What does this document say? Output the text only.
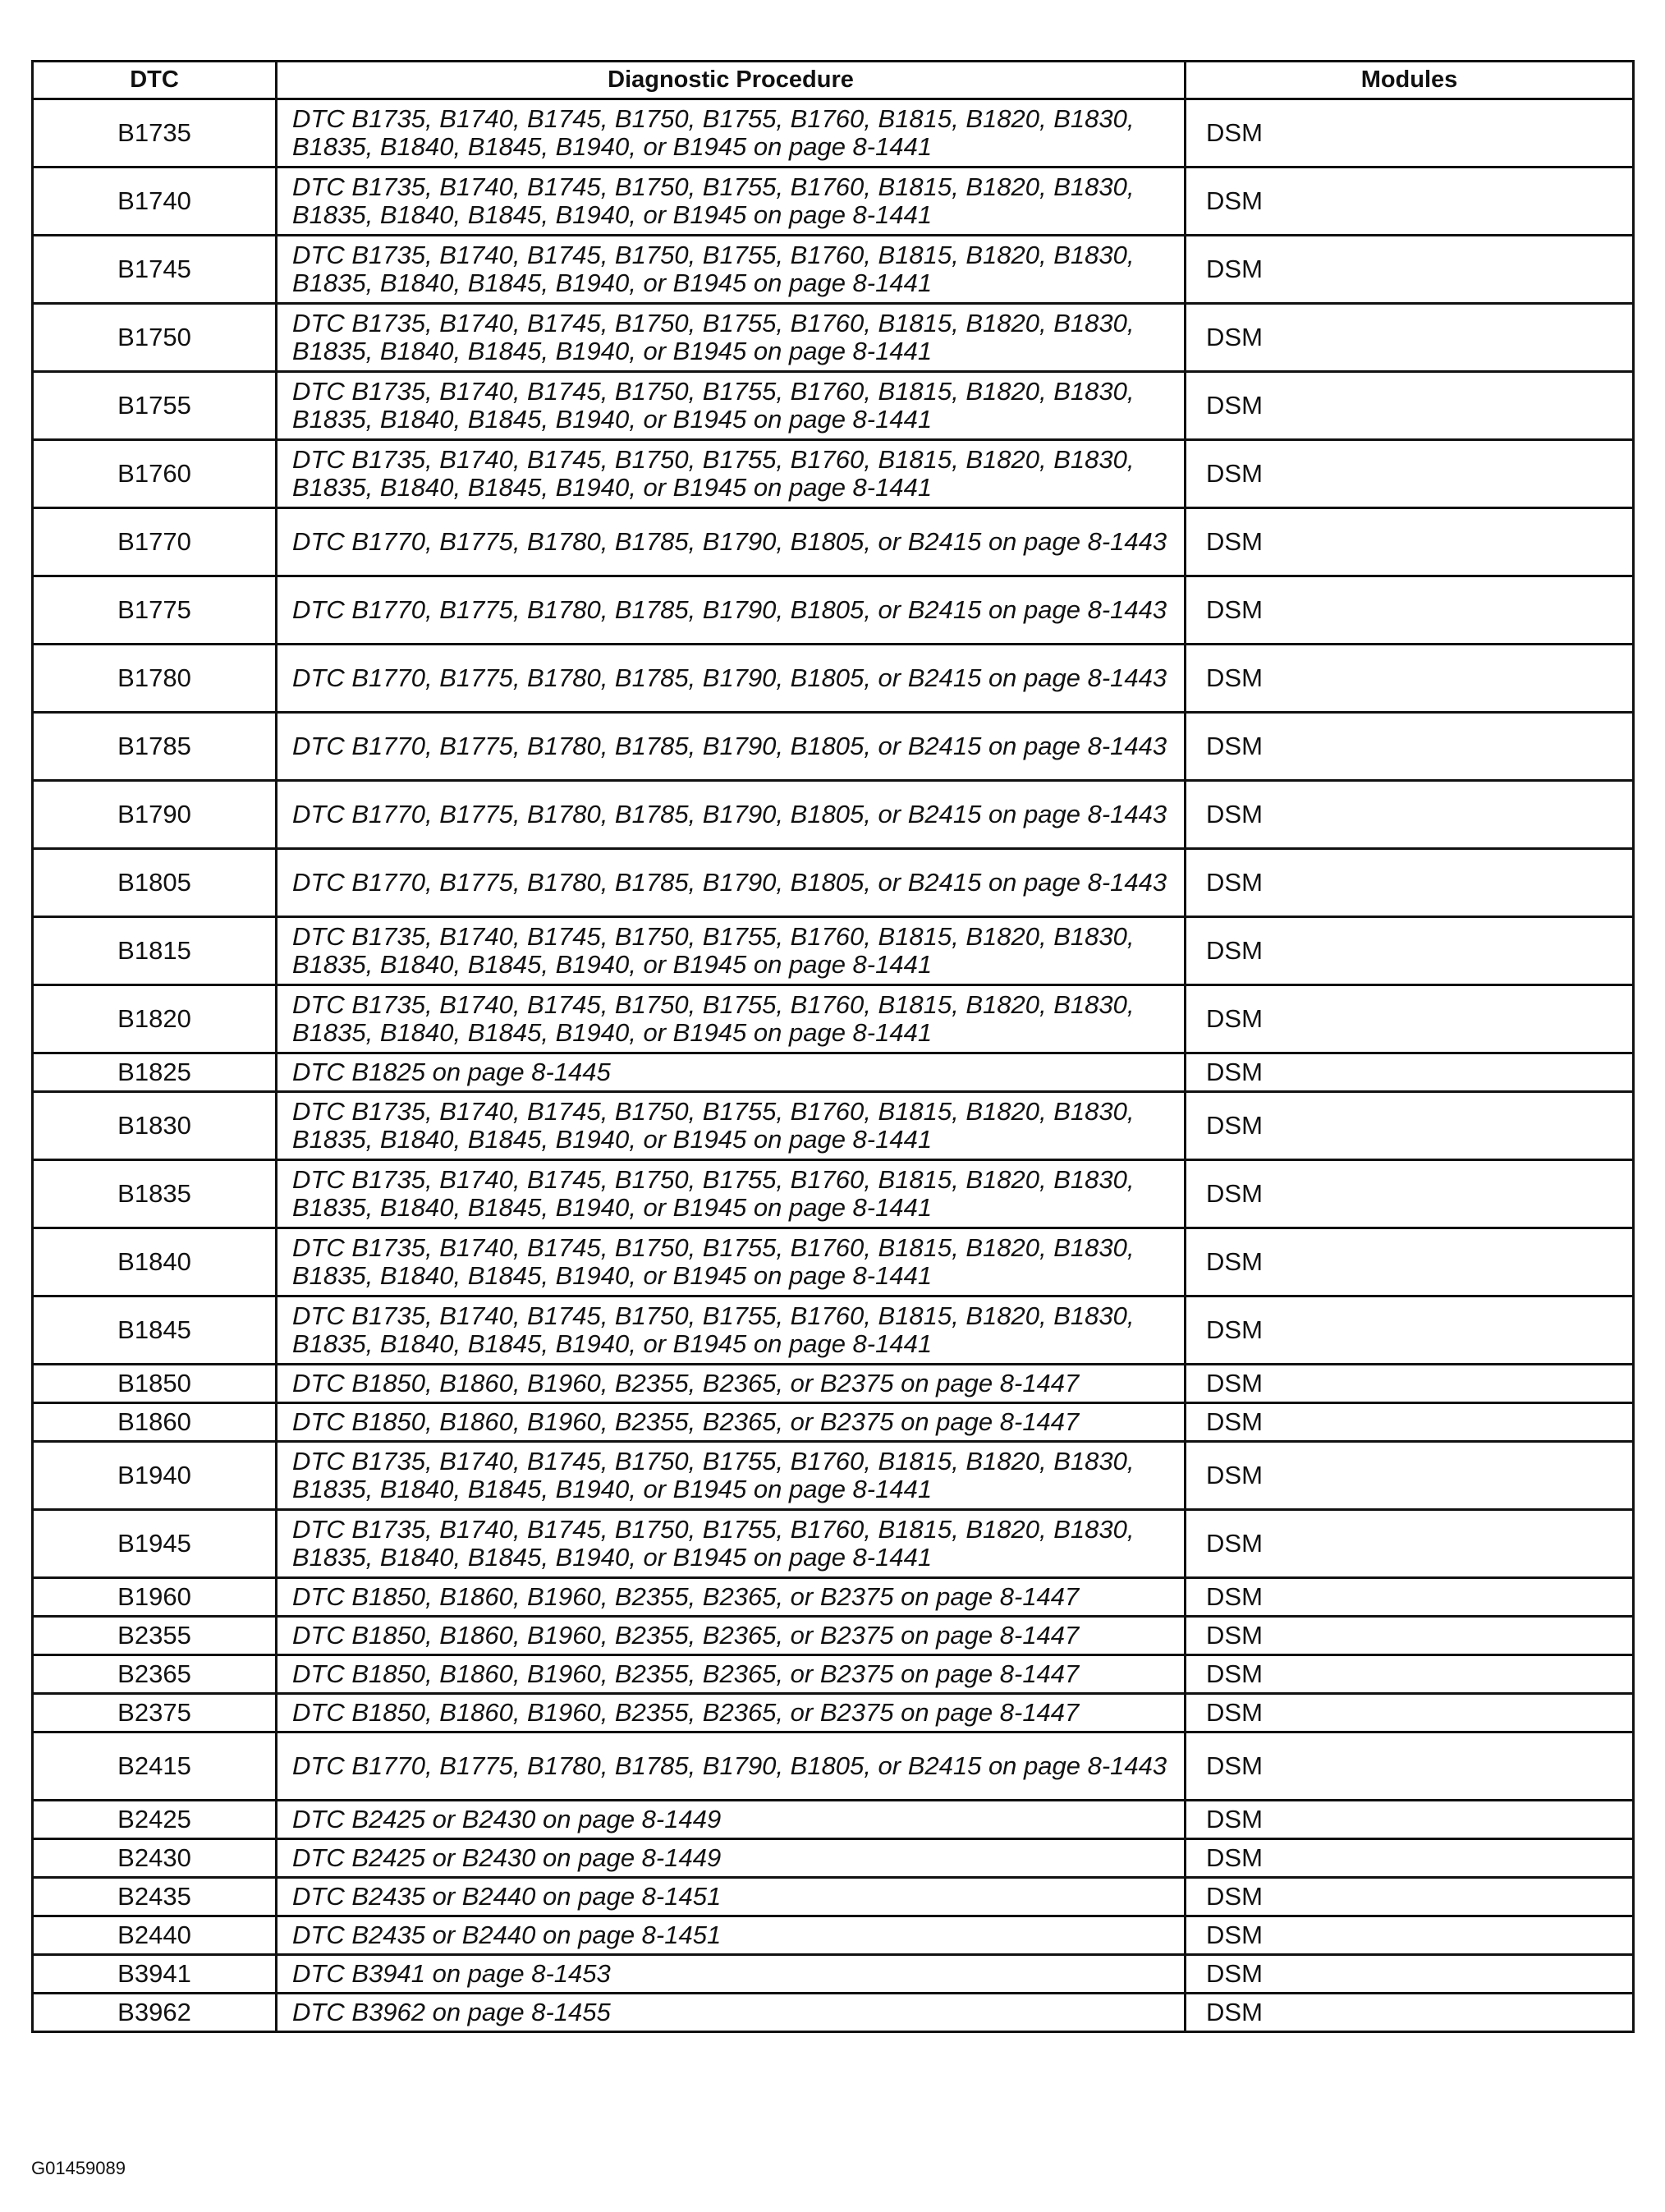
DTC	Diagnostic Procedure	Modules
B1735	DTC B1735, B1740, B1745, B1750, B1755, B1760, B1815, B1820, B1830, B1835, B1840, B1845, B1940, or B1945 on page 8-1441	DSM
B1740	DTC B1735, B1740, B1745, B1750, B1755, B1760, B1815, B1820, B1830, B1835, B1840, B1845, B1940, or B1945 on page 8-1441	DSM
B1745	DTC B1735, B1740, B1745, B1750, B1755, B1760, B1815, B1820, B1830, B1835, B1840, B1845, B1940, or B1945 on page 8-1441	DSM
B1750	DTC B1735, B1740, B1745, B1750, B1755, B1760, B1815, B1820, B1830, B1835, B1840, B1845, B1940, or B1945 on page 8-1441	DSM
B1755	DTC B1735, B1740, B1745, B1750, B1755, B1760, B1815, B1820, B1830, B1835, B1840, B1845, B1940, or B1945 on page 8-1441	DSM
B1760	DTC B1735, B1740, B1745, B1750, B1755, B1760, B1815, B1820, B1830, B1835, B1840, B1845, B1940, or B1945 on page 8-1441	DSM
B1770	DTC B1770, B1775, B1780, B1785, B1790, B1805, or B2415 on page 8-1443	DSM
B1775	DTC B1770, B1775, B1780, B1785, B1790, B1805, or B2415 on page 8-1443	DSM
B1780	DTC B1770, B1775, B1780, B1785, B1790, B1805, or B2415 on page 8-1443	DSM
B1785	DTC B1770, B1775, B1780, B1785, B1790, B1805, or B2415 on page 8-1443	DSM
B1790	DTC B1770, B1775, B1780, B1785, B1790, B1805, or B2415 on page 8-1443	DSM
B1805	DTC B1770, B1775, B1780, B1785, B1790, B1805, or B2415 on page 8-1443	DSM
B1815	DTC B1735, B1740, B1745, B1750, B1755, B1760, B1815, B1820, B1830, B1835, B1840, B1845, B1940, or B1945 on page 8-1441	DSM
B1820	DTC B1735, B1740, B1745, B1750, B1755, B1760, B1815, B1820, B1830, B1835, B1840, B1845, B1940, or B1945 on page 8-1441	DSM
B1825	DTC B1825 on page 8-1445	DSM
B1830	DTC B1735, B1740, B1745, B1750, B1755, B1760, B1815, B1820, B1830, B1835, B1840, B1845, B1940, or B1945 on page 8-1441	DSM
B1835	DTC B1735, B1740, B1745, B1750, B1755, B1760, B1815, B1820, B1830, B1835, B1840, B1845, B1940, or B1945 on page 8-1441	DSM
B1840	DTC B1735, B1740, B1745, B1750, B1755, B1760, B1815, B1820, B1830, B1835, B1840, B1845, B1940, or B1945 on page 8-1441	DSM
B1845	DTC B1735, B1740, B1745, B1750, B1755, B1760, B1815, B1820, B1830, B1835, B1840, B1845, B1940, or B1945 on page 8-1441	DSM
B1850	DTC B1850, B1860, B1960, B2355, B2365, or B2375 on page 8-1447	DSM
B1860	DTC B1850, B1860, B1960, B2355, B2365, or B2375 on page 8-1447	DSM
B1940	DTC B1735, B1740, B1745, B1750, B1755, B1760, B1815, B1820, B1830, B1835, B1840, B1845, B1940, or B1945 on page 8-1441	DSM
B1945	DTC B1735, B1740, B1745, B1750, B1755, B1760, B1815, B1820, B1830, B1835, B1840, B1845, B1940, or B1945 on page 8-1441	DSM
B1960	DTC B1850, B1860, B1960, B2355, B2365, or B2375 on page 8-1447	DSM
B2355	DTC B1850, B1860, B1960, B2355, B2365, or B2375 on page 8-1447	DSM
B2365	DTC B1850, B1860, B1960, B2355, B2365, or B2375 on page 8-1447	DSM
B2375	DTC B1850, B1860, B1960, B2355, B2365, or B2375 on page 8-1447	DSM
B2415	DTC B1770, B1775, B1780, B1785, B1790, B1805, or B2415 on page 8-1443	DSM
B2425	DTC B2425 or B2430 on page 8-1449	DSM
B2430	DTC B2425 or B2430 on page 8-1449	DSM
B2435	DTC B2435 or B2440 on page 8-1451	DSM
B2440	DTC B2435 or B2440 on page 8-1451	DSM
B3941	DTC B3941 on page 8-1453	DSM
B3962	DTC B3962 on page 8-1455	DSM
G01459089
